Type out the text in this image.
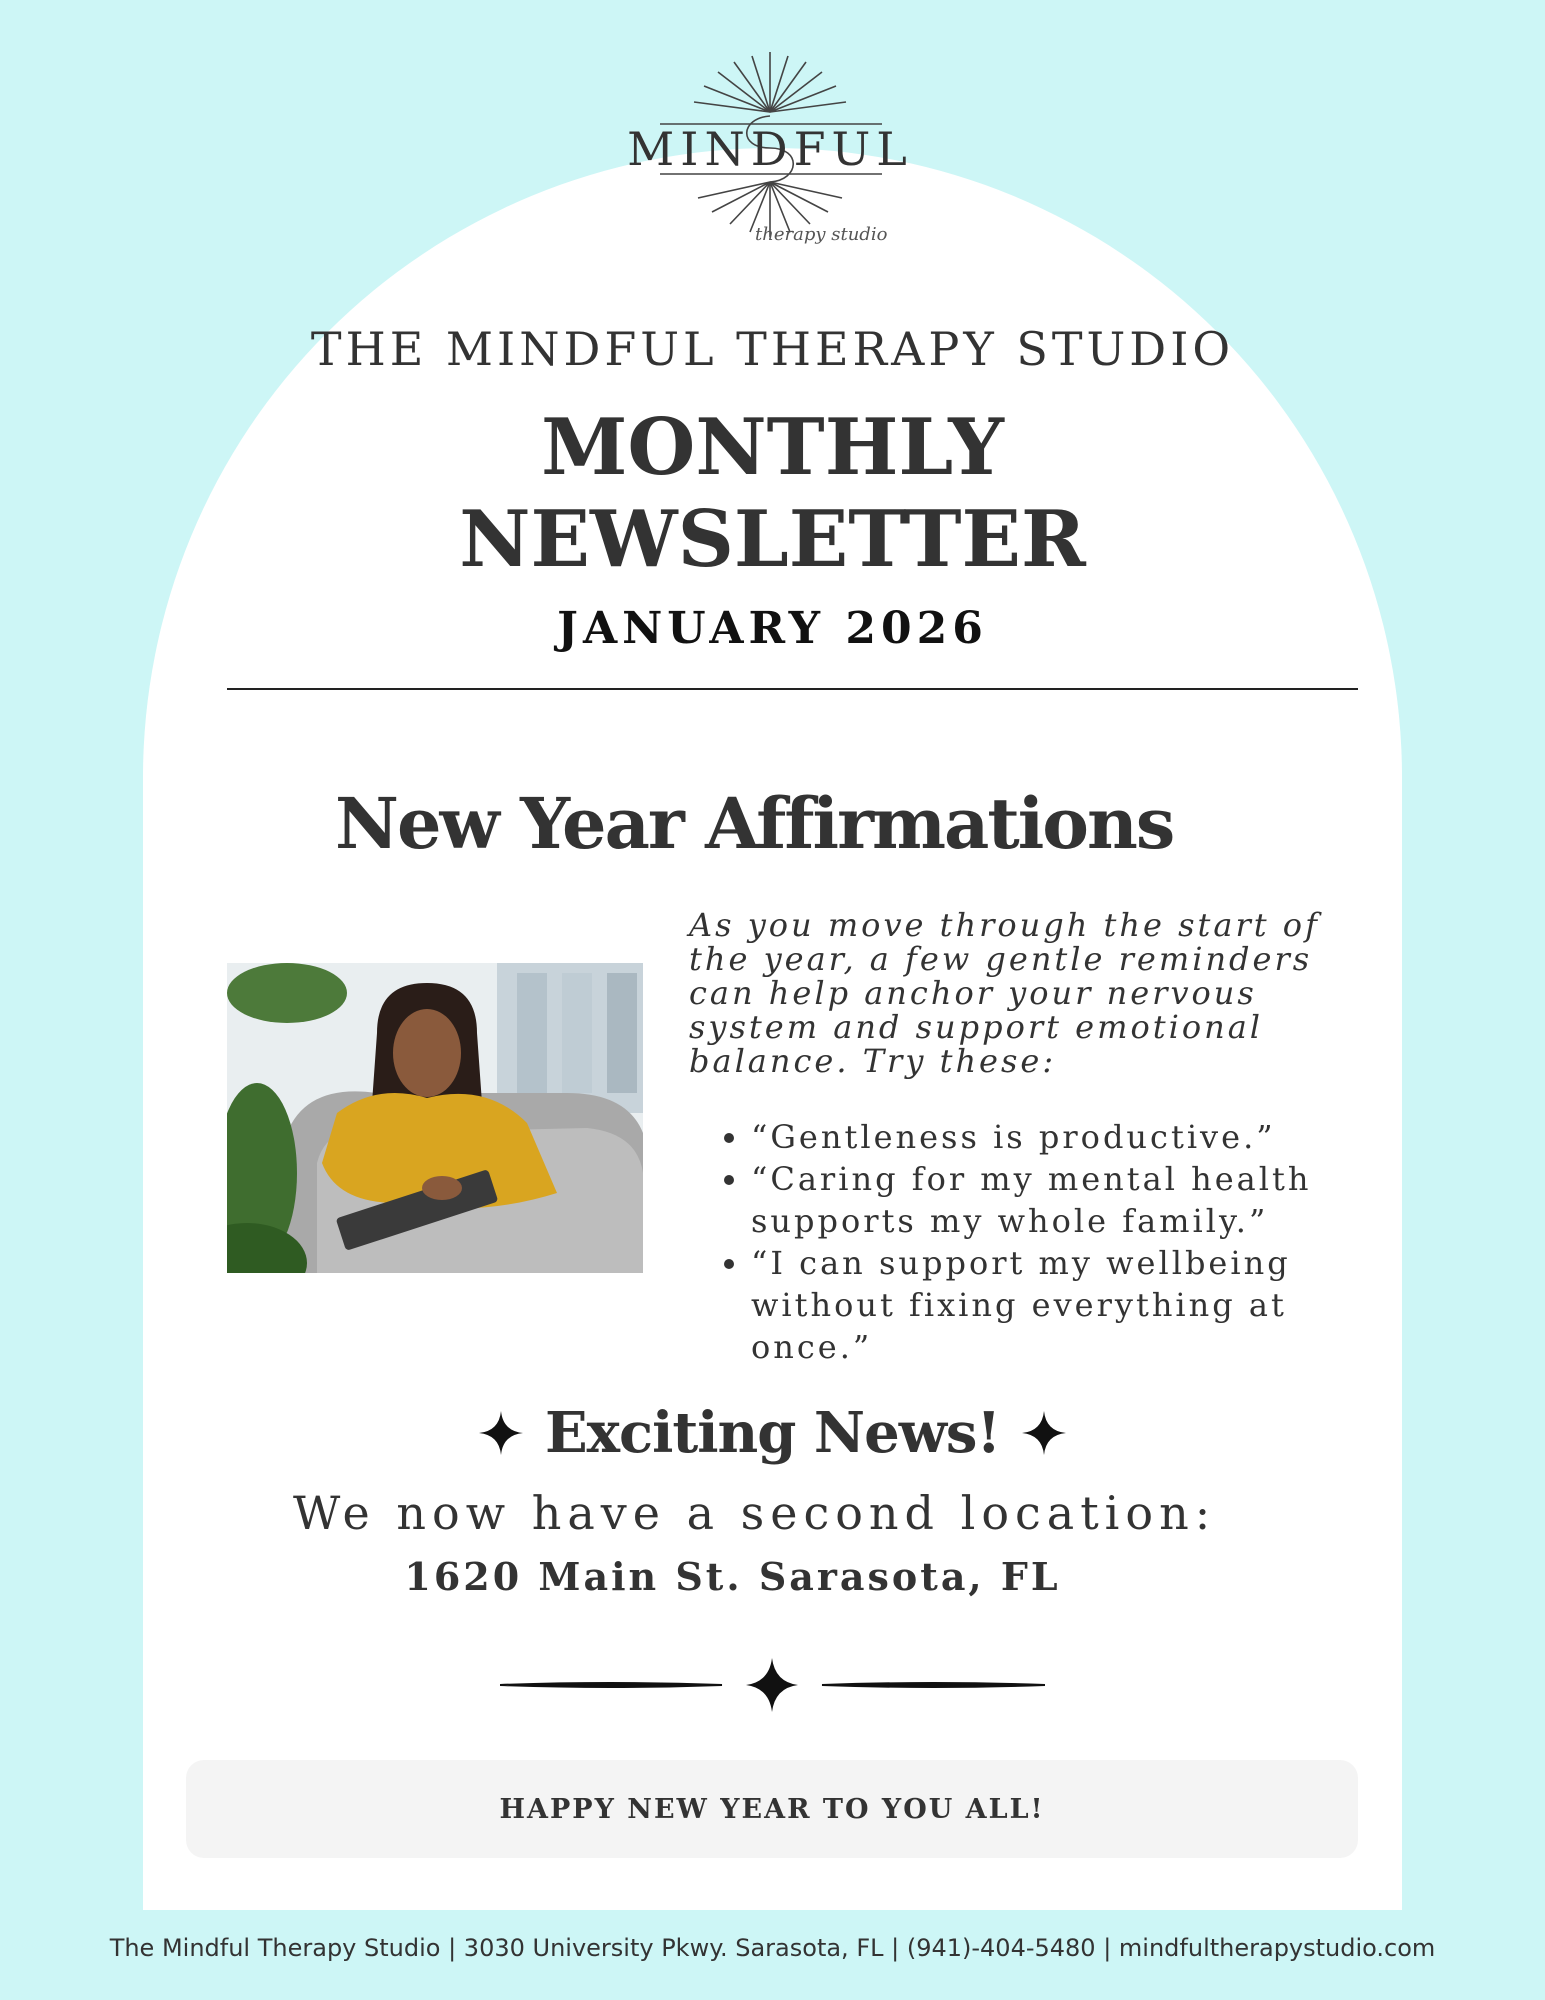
MINDFUL

therapy studio

THE MINDFUL THERAPY STUDIO

MONTHLY
NEWSLETTER

JANUARY 2026

New Year Affirmations

As you move through the start of the year, a few gentle reminders can help anchor your nervous system and support emotional balance. Try these:

• “Gentleness is productive.”
• “Caring for my mental health supports my whole family.”
• “I can support my wellbeing without fixing everything at once.”
Exciting News!

We now have a second location:

1620 Main St. Sarasota, FL

HAPPY NEW YEAR TO YOU ALL!

The Mindful Therapy Studio | 3030 University Pkwy. Sarasota, FL | (941)-404-5480 | mindfultherapystudio.com
